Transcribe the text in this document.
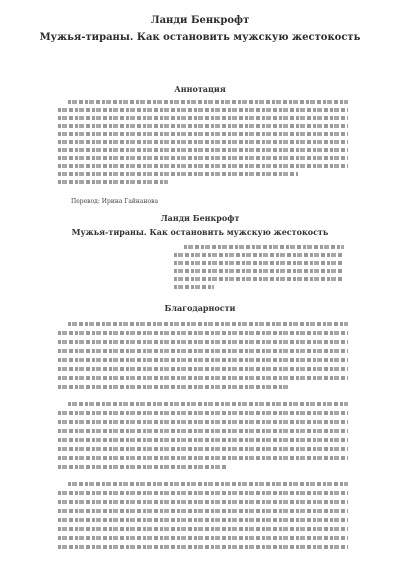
Ланди Бенкрофт
Мужья-тираны. Как остановить мужскую жестокость
Аннотация
Перевод: Ирина Гайнанова
Ланди Бенкрофт
Мужья-тираны. Как остановить мужскую жестокость
Благодарности
